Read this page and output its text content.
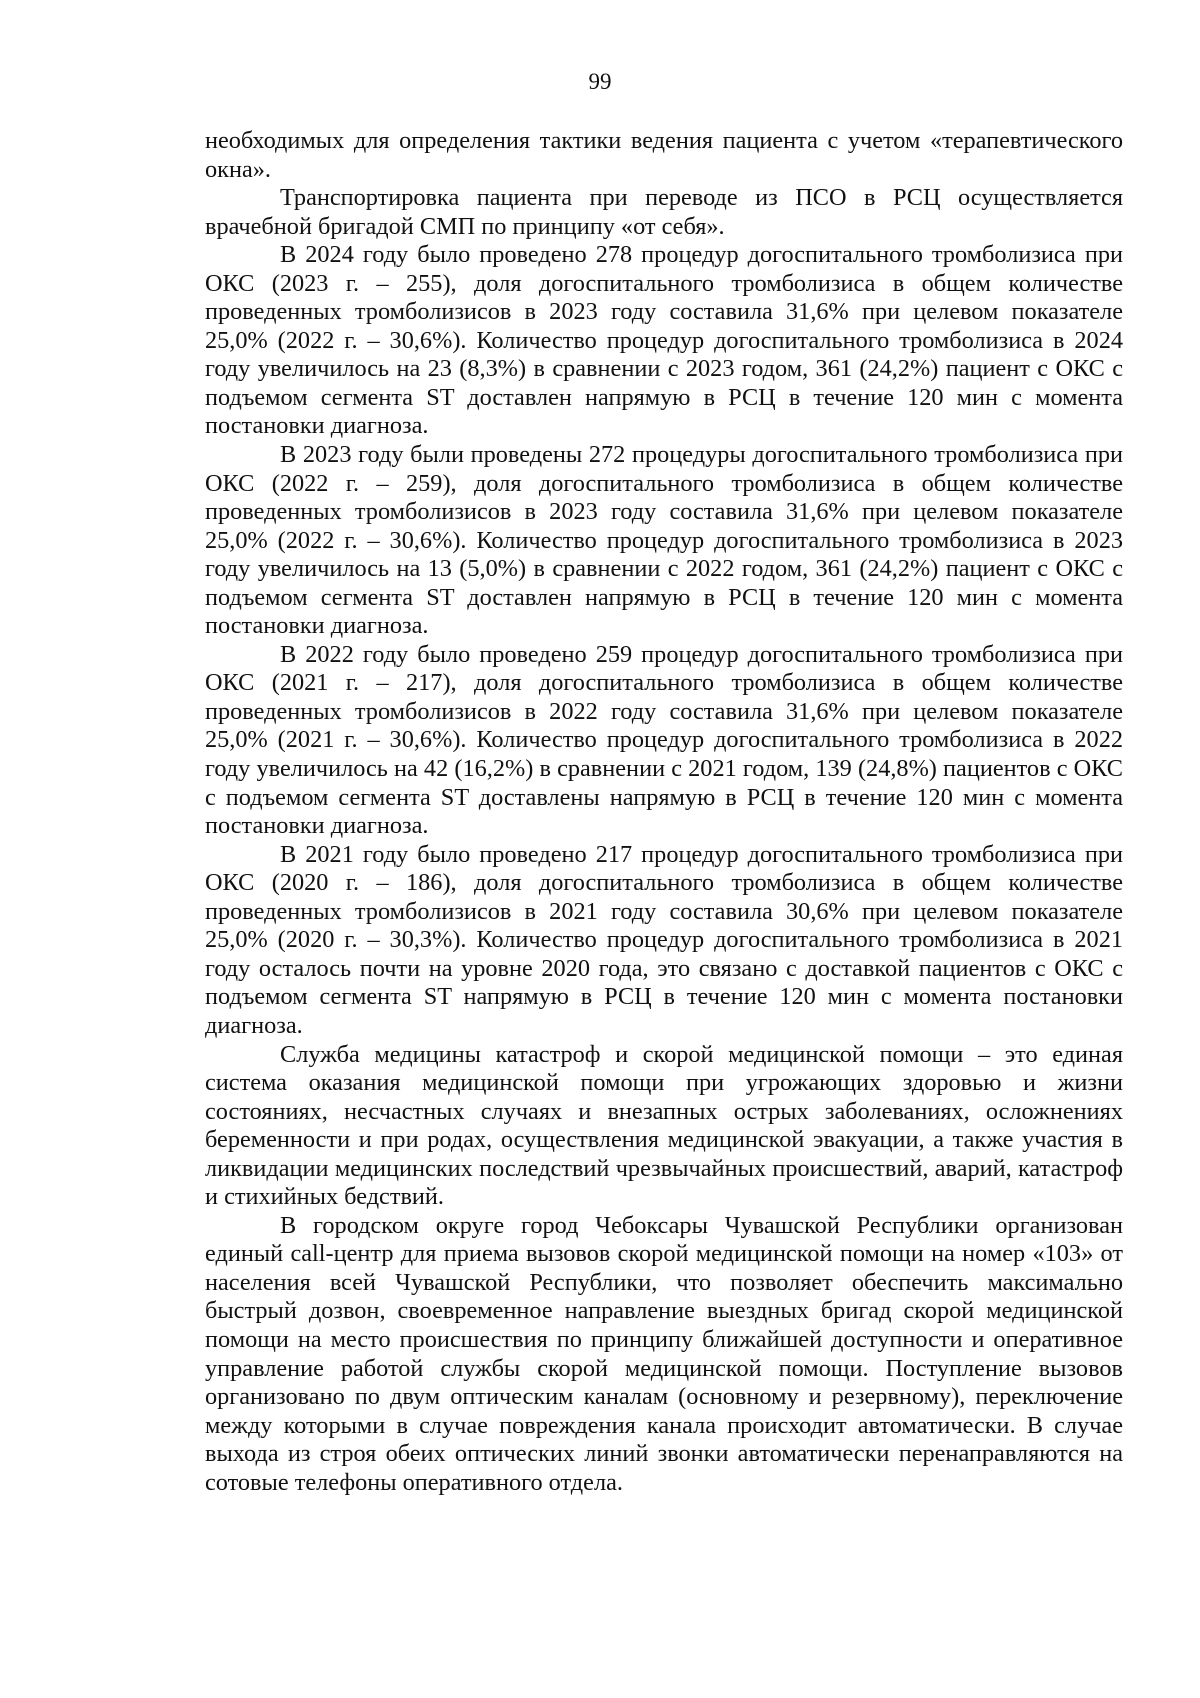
99

необходимых для определения тактики ведения пациента с учетом «терапевтического окна».

Транспортировка пациента при переводе из ПСО в РСЦ осуществляется врачебной бригадой СМП по принципу «от себя».

В 2024 году было проведено 278 процедур догоспитального тромболизиса при ОКС (2023 г. – 255), доля догоспитального тромболизиса в общем количестве проведенных тромболизисов в 2023 году составила 31,6% при целевом показателе 25,0% (2022 г. – 30,6%). Количество процедур догоспитального тромболизиса в 2024 году увеличилось на 23 (8,3%) в сравнении с 2023 годом, 361 (24,2%) пациент с ОКС с подъемом сегмента ST доставлен напрямую в РСЦ в течение 120 мин с момента постановки диагноза.

В 2023 году были проведены 272 процедуры догоспитального тромболизиса при ОКС (2022 г. – 259), доля догоспитального тромболизиса в общем количестве проведенных тромболизисов в 2023 году составила 31,6% при целевом показателе 25,0% (2022 г. – 30,6%). Количество процедур догоспитального тромболизиса в 2023 году увеличилось на 13 (5,0%) в сравнении с 2022 годом, 361 (24,2%) пациент с ОКС с подъемом сегмента ST доставлен напрямую в РСЦ в течение 120 мин с момента постановки диагноза.

В 2022 году было проведено 259 процедур догоспитального тромболизиса при ОКС (2021 г. – 217), доля догоспитального тромболизиса в общем количестве проведенных тромболизисов в 2022 году составила 31,6% при целевом показателе 25,0% (2021 г. – 30,6%). Количество процедур догоспитального тромболизиса в 2022 году увеличилось на 42 (16,2%) в сравнении с 2021 годом, 139 (24,8%) пациентов с ОКС с подъемом сегмента ST доставлены напрямую в РСЦ в течение 120 мин с момента постановки диагноза.

В 2021 году было проведено 217 процедур догоспитального тромболизиса при ОКС (2020 г. – 186), доля догоспитального тромболизиса в общем количестве проведенных тромболизисов в 2021 году составила 30,6% при целевом показателе 25,0% (2020 г. – 30,3%). Количество процедур догоспитального тромболизиса в 2021 году осталось почти на уровне 2020 года, это связано с доставкой пациентов с ОКС с подъемом сегмента ST напрямую в РСЦ в течение 120 мин с момента постановки диагноза.

Служба медицины катастроф и скорой медицинской помощи – это единая система оказания медицинской помощи при угрожающих здоровью и жизни состояниях, несчастных случаях и внезапных острых заболеваниях, осложнениях беременности и при родах, осуществления медицинской эвакуации, а также участия в ликвидации медицинских последствий чрезвычайных происшествий, аварий, катастроф и стихийных бедствий.

В городском округе город Чебоксары Чувашской Республики организован единый call-центр для приема вызовов скорой медицинской помощи на номер «103» от населения всей Чувашской Республики, что позволяет обеспечить максимально быстрый дозвон, своевременное направление выездных бригад скорой медицинской помощи на место происшествия по принципу ближайшей доступности и оперативное управление работой службы скорой медицинской помощи. Поступление вызовов организовано по двум оптическим каналам (основному и резервному), переключение между которыми в случае повреждения канала происходит автоматически. В случае выхода из строя обеих оптических линий звонки автоматически перенаправляются на сотовые телефоны оперативного отдела.
